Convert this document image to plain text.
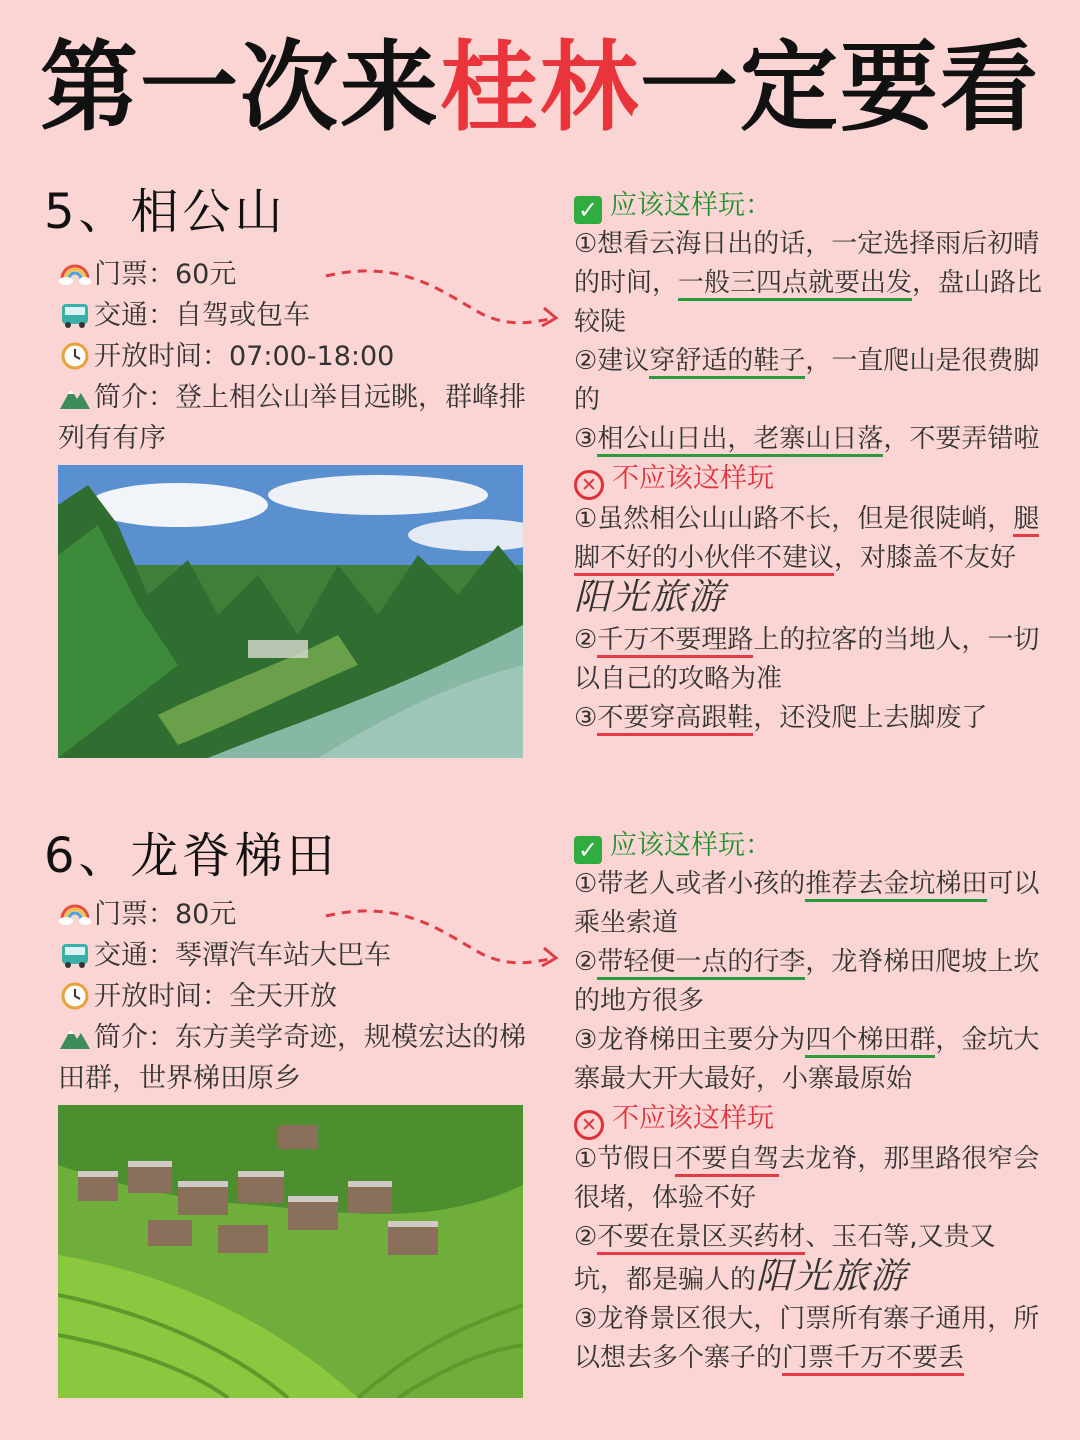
第一次来桂林一定要看
5、相公山
门票：60元
交通：自驾或包车
开放时间：07:00-18:00
简介：登上相公山举目远眺，群峰排列有有序

✓ 应该这样玩：

①想看云海日出的话，一定选择雨后初晴的时间，一般三四点就要出发，盘山路比较陡

②建议穿舒适的鞋子，一直爬山是很费脚的

③相公山日出，老寨山日落，不要弄错啦

✕ 不应该这样玩

①虽然相公山山路不长，但是很陡峭，腿脚不好的小伙伴不建议，对膝盖不友好 阳光旅游

②千万不要理路上的拉客的当地人，一切以自己的攻略为准

③不要穿高跟鞋，还没爬上去脚废了

6、龙脊梯田
门票：80元
交通：琴潭汽车站大巴车
开放时间：全天开放
简介：东方美学奇迹，规模宏达的梯田群，世界梯田原乡

✓ 应该这样玩：

①带老人或者小孩的推荐去金坑梯田可以乘坐索道

②带轻便一点的行李，龙脊梯田爬坡上坎的地方很多

③龙脊梯田主要分为四个梯田群，金坑大寨最大开大最好，小寨最原始

✕ 不应该这样玩

①节假日不要自驾去龙脊，那里路很窄会很堵，体验不好

②不要在景区买药材、玉石等,又贵又坑，都是骗人的阳光旅游

③龙脊景区很大，门票所有寨子通用，所以想去多个寨子的门票千万不要丢
